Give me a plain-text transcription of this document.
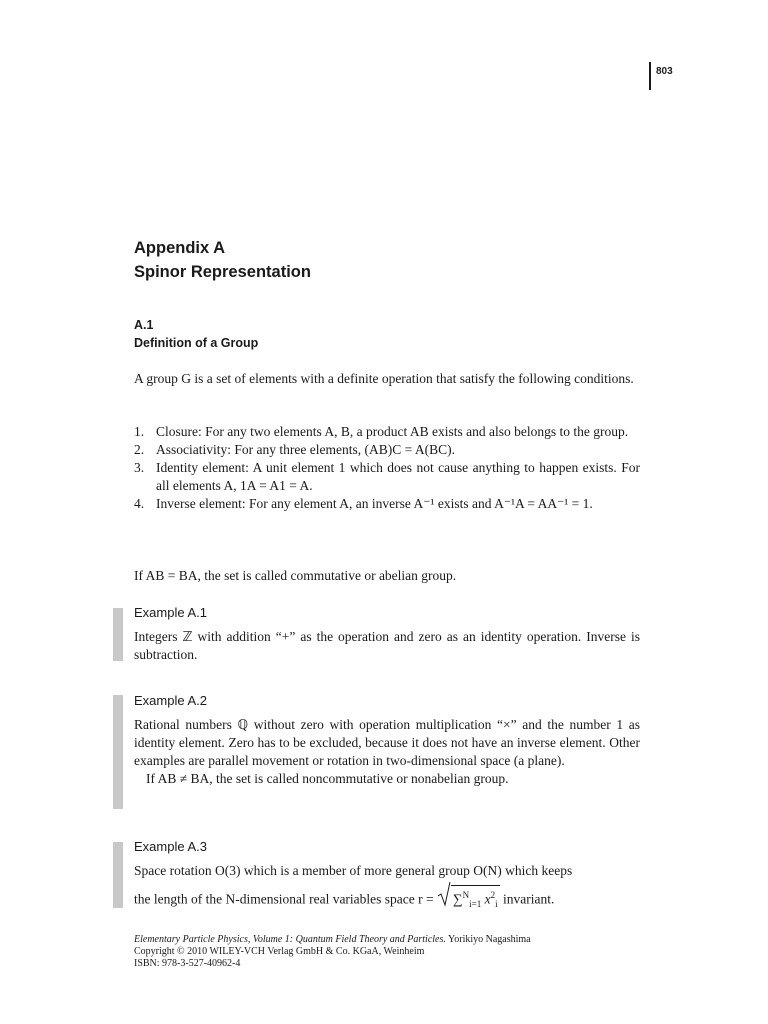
803
Appendix A
Spinor Representation
A.1
Definition of a Group

A group G is a set of elements with a definite operation that satisfy the following conditions.

1. Closure: For any two elements A, B, a product AB exists and also belongs to the group.
2. Associativity: For any three elements, (AB)C = A(BC).
3. Identity element: A unit element 1 which does not cause anything to happen exists. For all elements A, 1A = A1 = A.
4. Inverse element: For any element A, an inverse A⁻¹ exists and A⁻¹A = AA⁻¹ = 1.

If AB = BA, the set is called commutative or abelian group.

Example A.1

Integers ℤ with addition “+” as the operation and zero as an identity operation. Inverse is subtraction.

Example A.2

Rational numbers ℚ without zero with operation multiplication “×” and the number 1 as identity element. Zero has to be excluded, because it does not have an inverse element. Other examples are parallel movement or rotation in two-dimensional space (a plane).

If AB ≠ BA, the set is called noncommutative or nonabelian group.

Example A.3

Space rotation O(3) which is a member of more general group O(N) which keeps

the length of the N-dimensional real variables space r = ∑$^N_{i=1}$ $x^2_i$ invariant.

Elementary Particle Physics, Volume 1: Quantum Field Theory and Particles. Yorikiyo Nagashima
Copyright © 2010 WILEY-VCH Verlag GmbH & Co. KGaA, Weinheim
ISBN: 978-3-527-40962-4
